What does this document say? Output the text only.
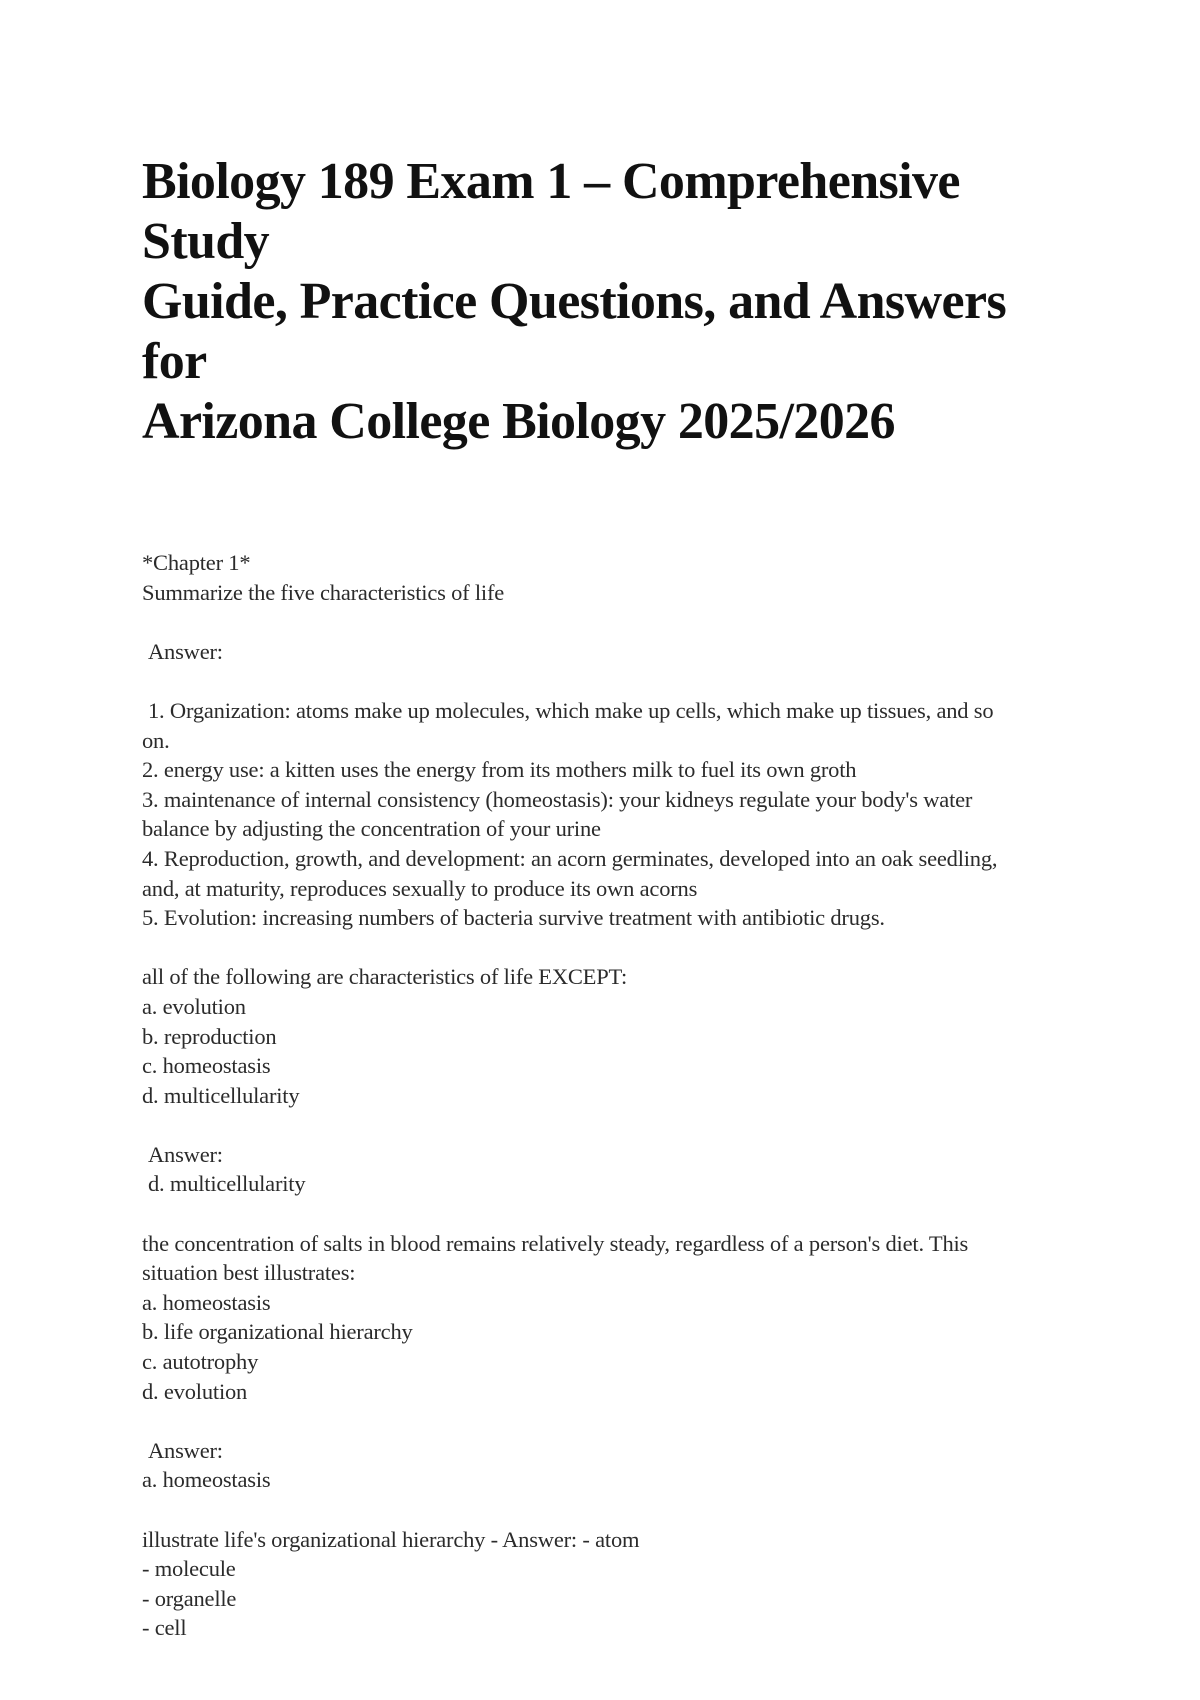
Biology 189 Exam 1 – Comprehensive Study
Guide, Practice Questions, and Answers for
Arizona College Biology 2025/2026
*Chapter 1*
Summarize the five characteristics of life
Answer:
1. Organization: atoms make up molecules, which make up cells, which make up tissues, and so
on.
2. energy use: a kitten uses the energy from its mothers milk to fuel its own groth
3. maintenance of internal consistency (homeostasis): your kidneys regulate your body's water
balance by adjusting the concentration of your urine
4. Reproduction, growth, and development: an acorn germinates, developed into an oak seedling,
and, at maturity, reproduces sexually to produce its own acorns
5. Evolution: increasing numbers of bacteria survive treatment with antibiotic drugs.
all of the following are characteristics of life EXCEPT:
a. evolution
b. reproduction
c. homeostasis
d. multicellularity
Answer:
d. multicellularity
the concentration of salts in blood remains relatively steady, regardless of a person's diet. This
situation best illustrates:
a. homeostasis
b. life organizational hierarchy
c. autotrophy
d. evolution
Answer:
a. homeostasis
illustrate life's organizational hierarchy - Answer: - atom
- molecule
- organelle
- cell
